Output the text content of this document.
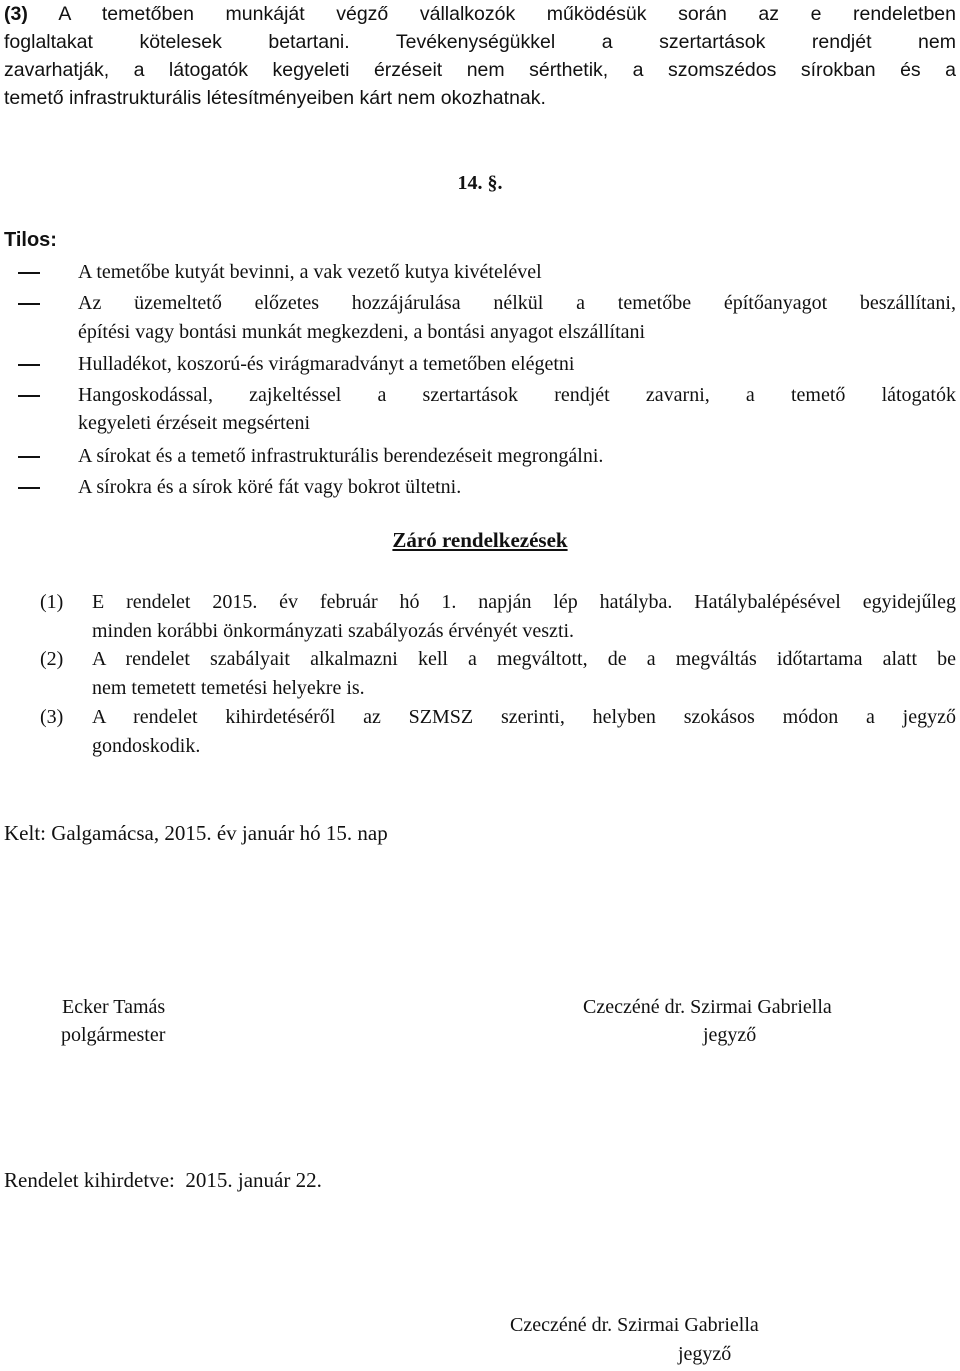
(3) A temetőben munkáját végző vállalkozók működésük során az e rendeletben
foglaltakat kötelesek betartani. Tevékenységükkel a szertartások rendjét nem
zavarhatják, a látogatók kegyeleti érzéseit nem sérthetik, a szomszédos sírokban és a
temető infrastrukturális létesítményeiben kárt nem okozhatnak.
14. §.
Tilos:
A temetőbe kutyát bevinni, a vak vezető kutya kivételével
Az üzemeltető előzetes hozzájárulása nélkül a temetőbe építőanyagot beszállítani,
építési vagy bontási munkát megkezdeni, a bontási anyagot elszállítani
Hulladékot, koszorú-és virágmaradványt a temetőben elégetni
Hangoskodással, zajkeltéssel a szertartások rendjét zavarni, a temető látogatók
kegyeleti érzéseit megsérteni
A sírokat és a temető infrastrukturális berendezéseit megrongálni.
A sírokra és a sírok köré fát vagy bokrot ültetni.
Záró rendelkezések
(1) E rendelet 2015. év február hó 1. napján lép hatályba. Hatálybalépésével egyidejűleg
minden korábbi önkormányzati szabályozás érvényét veszti.
(2) A rendelet szabályait alkalmazni kell a megváltott, de a megváltás időtartama alatt be
nem temetett temetési helyekre is.
(3) A rendelet kihirdetéséről az SZMSZ szerinti, helyben szokásos módon a jegyző
gondoskodik.
Kelt: Galgamácsa, 2015. év január hó 15. nap
Ecker Tamás
polgármester
Czeczéné dr. Szirmai Gabriella
jegyző
Rendelet kihirdetve:  2015. január 22.
Czeczéné dr. Szirmai Gabriella
jegyző
